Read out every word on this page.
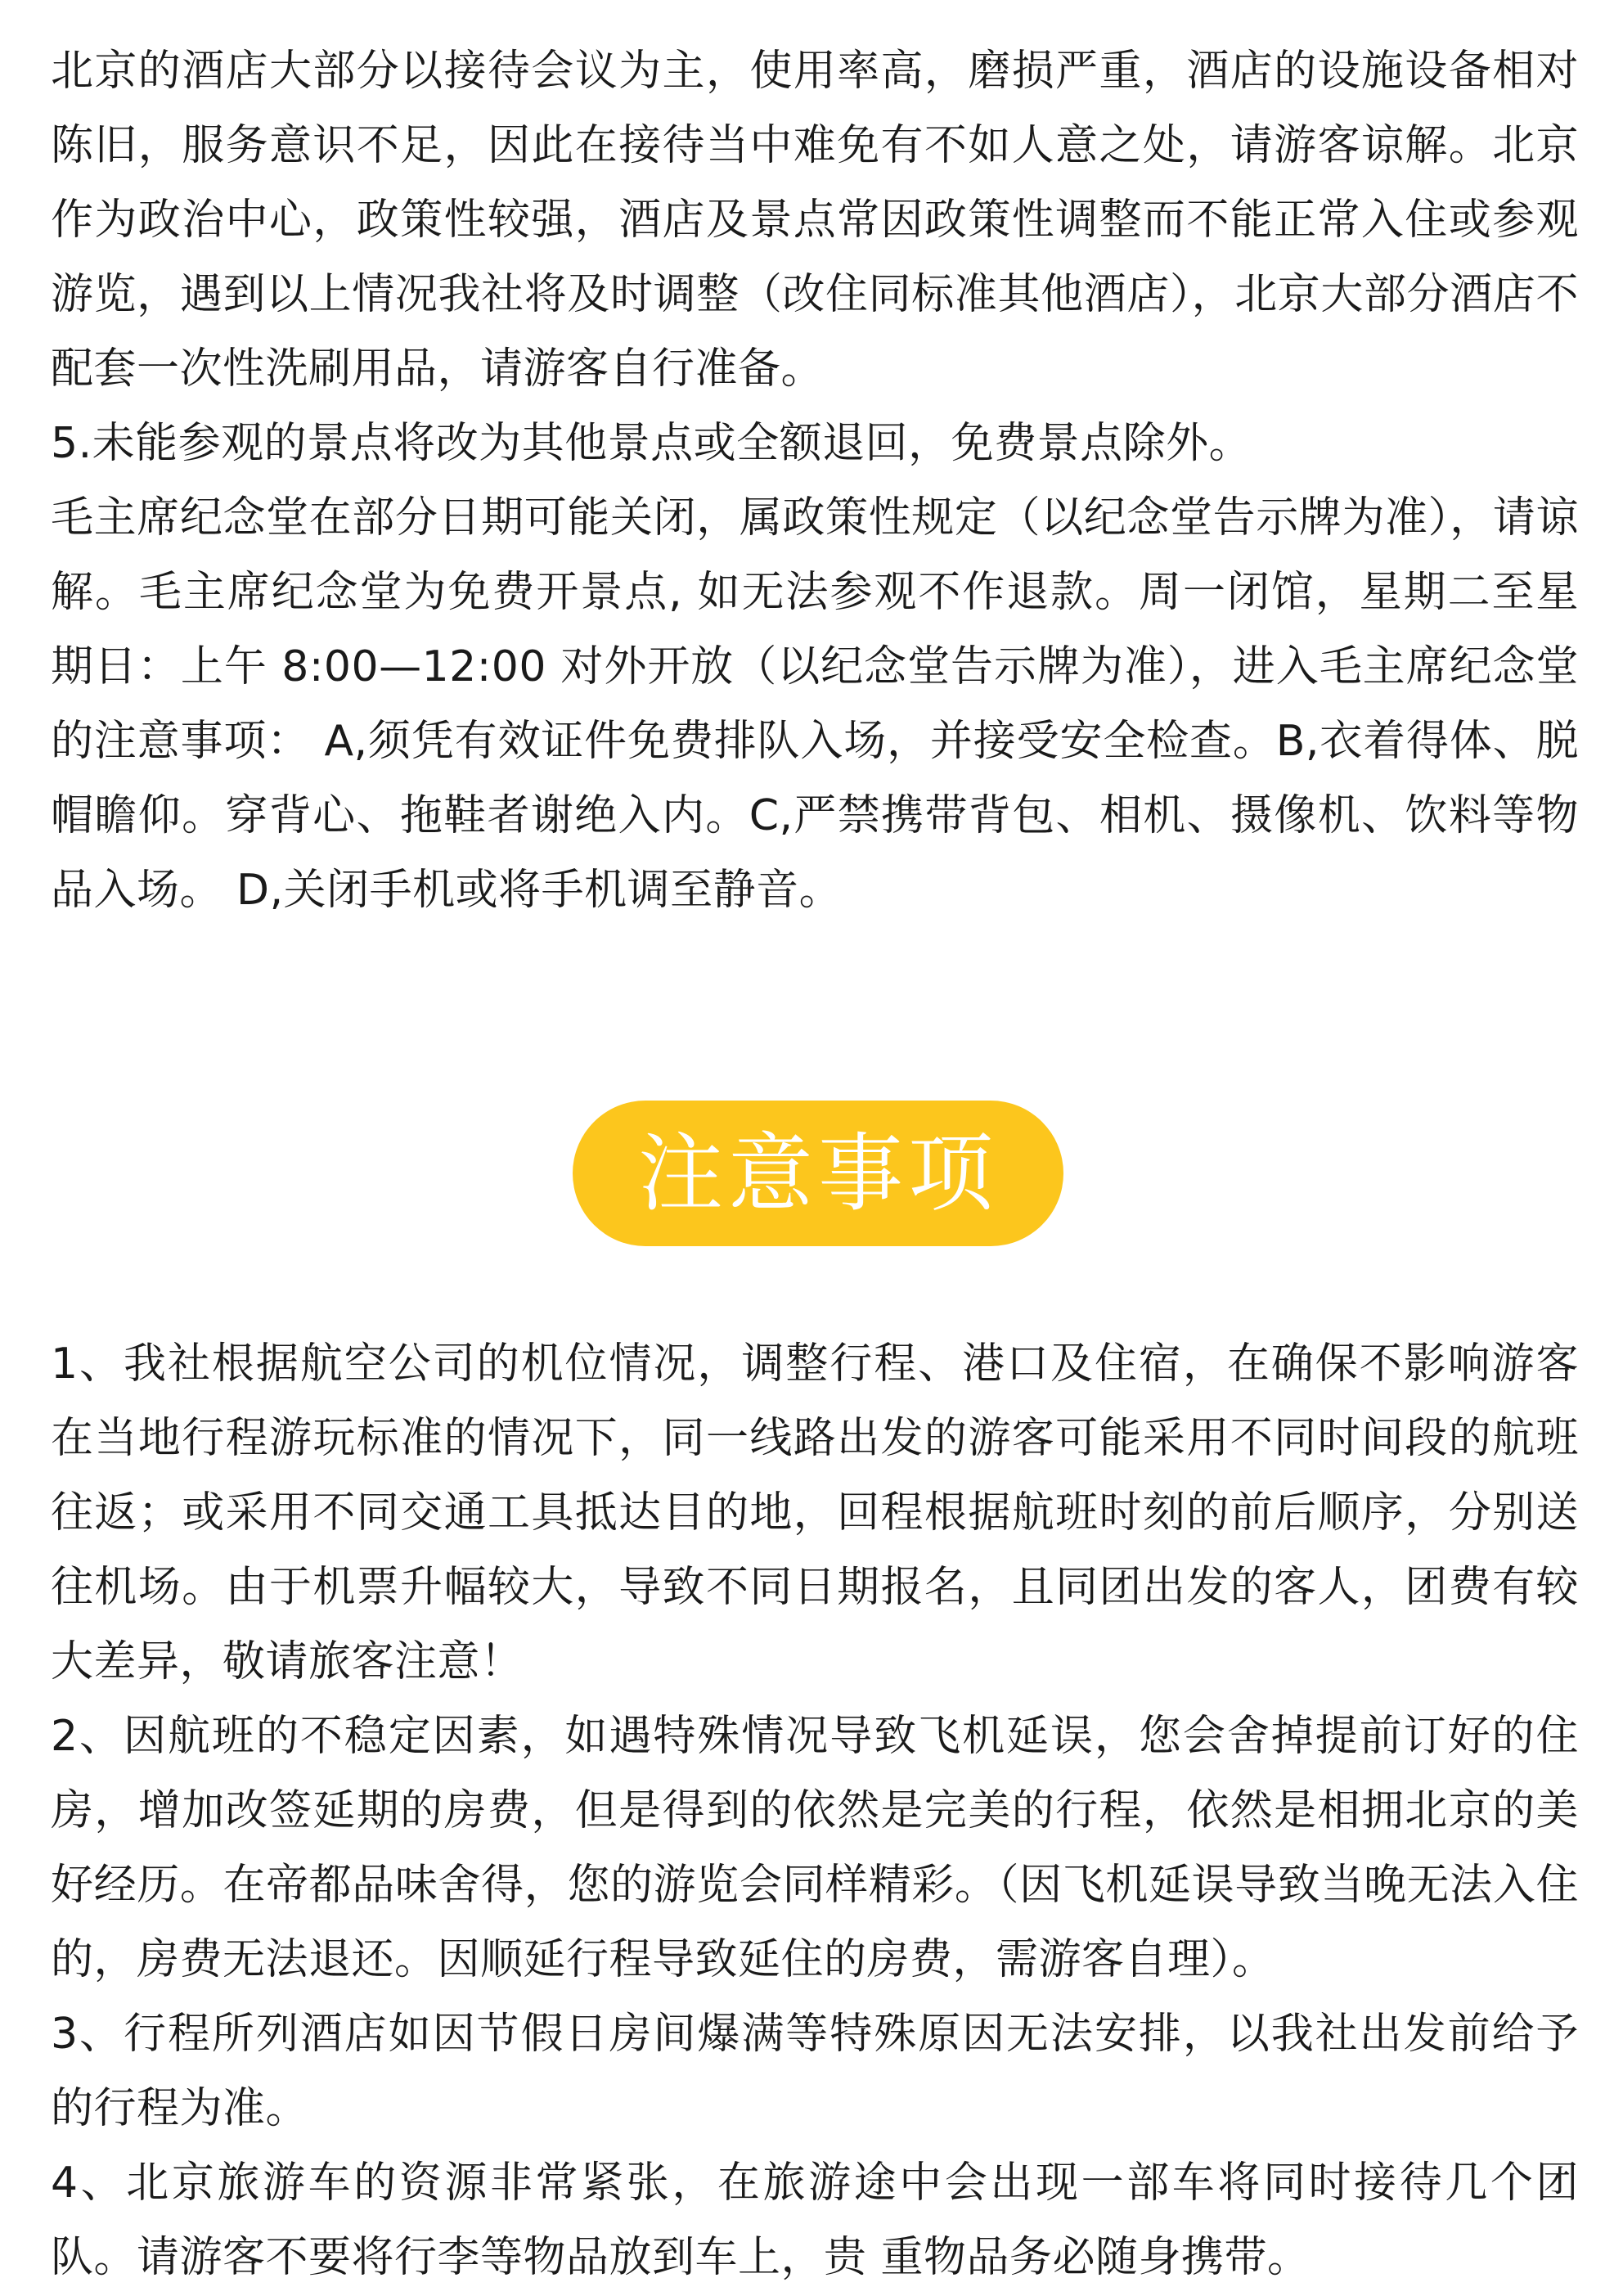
北京的酒店大部分以接待会议为主，使用率高，磨损严重，酒店的设施设备相对陈旧，服务意识不足，因此在接待当中难免有不如人意之处，请游客谅解。北京作为政治中心，政策性较强，酒店及景点常因政策性调整而不能正常入住或参观游览，遇到以上情况我社将及时调整（改住同标准其他酒店），北京大部分酒店不配套一次性洗刷用品，请游客自行准备。

5.未能参观的景点将改为其他景点或全额退回，免费景点除外。

毛主席纪念堂在部分日期可能关闭，属政策性规定（以纪念堂告示牌为准），请谅解。毛主席纪念堂为免费开景点, 如无法参观不作退款。周一闭馆，星期二至星期日：上午 8:00—12:00 对外开放（以纪念堂告示牌为准），进入毛主席纪念堂的注意事项： A,须凭有效证件免费排队入场，并接受安全检查。B,衣着得体、脱帽瞻仰。穿背心、拖鞋者谢绝入内。C,严禁携带背包、相机、摄像机、饮料等物品入场。 D,关闭手机或将手机调至静音。

注意事项

1、我社根据航空公司的机位情况，调整行程、港口及住宿，在确保不影响游客在当地行程游玩标准的情况下，同一线路出发的游客可能采用不同时间段的航班往返；或采用不同交通工具抵达目的地，回程根据航班时刻的前后顺序，分别送往机场。由于机票升幅较大，导致不同日期报名，且同团出发的客人，团费有较大差异，敬请旅客注意！

2、因航班的不稳定因素，如遇特殊情况导致飞机延误，您会舍掉提前订好的住房，增加改签延期的房费，但是得到的依然是完美的行程，依然是相拥北京的美好经历。在帝都品味舍得，您的游览会同样精彩。（因飞机延误导致当晚无法入住的，房费无法退还。因顺延行程导致延住的房费，需游客自理）。

3、行程所列酒店如因节假日房间爆满等特殊原因无法安排，以我社出发前给予的行程为准。

4、北京旅游车的资源非常紧张，在旅游途中会出现一部车将同时接待几个团队。请游客不要将行李等物品放到车上，贵 重物品务必随身携带。
